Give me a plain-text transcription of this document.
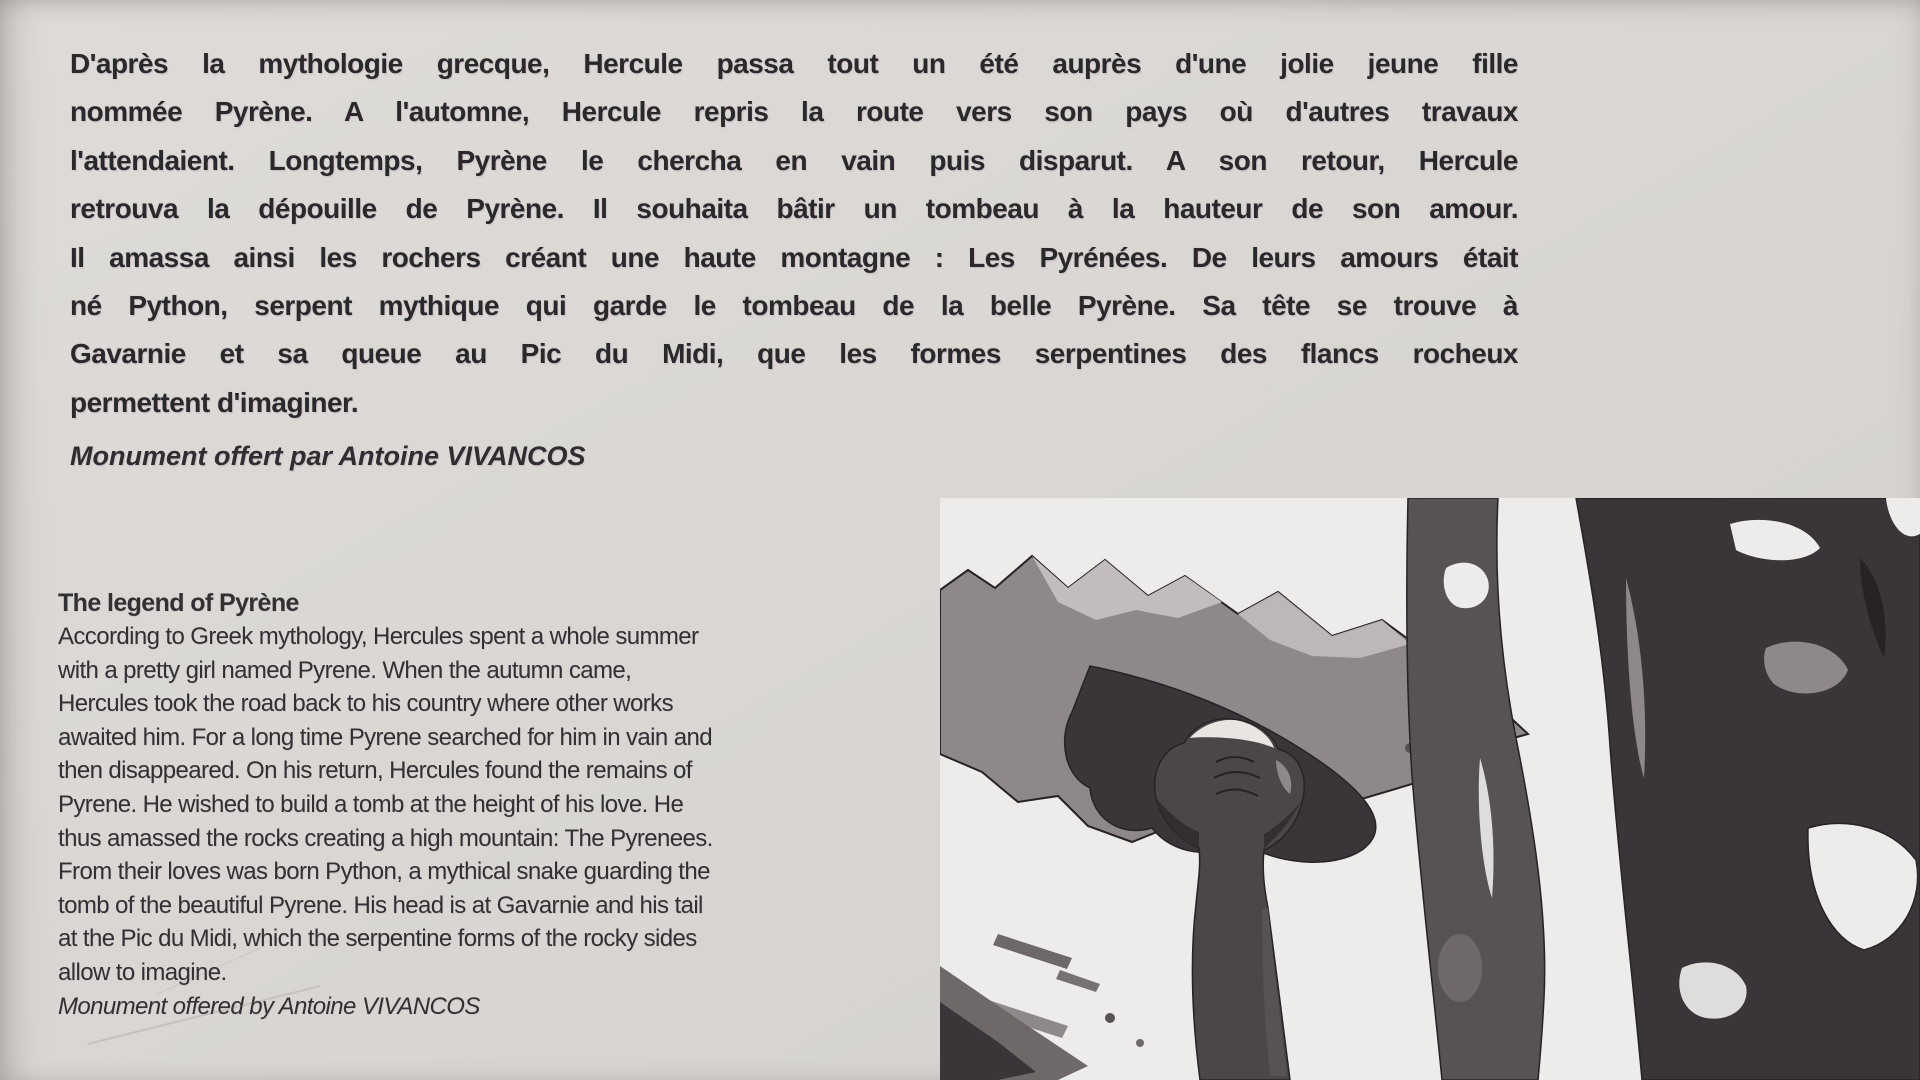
D'après la mythologie grecque, Hercule passa tout un été auprès d'une jolie jeune fille
nommée Pyrène. A l'automne, Hercule repris la route vers son pays où d'autres travaux
l'attendaient. Longtemps, Pyrène le chercha en vain puis disparut. A son retour, Hercule
retrouva la dépouille de Pyrène. Il souhaita bâtir un tombeau à la hauteur de son amour.
Il amassa ainsi les rochers créant une haute montagne : Les Pyrénées. De leurs amours était
né Python, serpent mythique qui garde le tombeau de la belle Pyrène. Sa tête se trouve à
Gavarnie et sa queue au Pic du Midi, que les formes serpentines des flancs rocheux
permettent d'imaginer.
Monument offert par Antoine VIVANCOS
The legend of Pyrène
According to Greek mythology, Hercules spent a whole summer
with a pretty girl named Pyrene. When the autumn came,
Hercules took the road back to his country where other works
awaited him. For a long time Pyrene searched for him in vain and
then disappeared. On his return, Hercules found the remains of
Pyrene. He wished to build a tomb at the height of his love. He
thus amassed the rocks creating a high mountain: The Pyrenees.
From their loves was born Python, a mythical snake guarding the
tomb of the beautiful Pyrene. His head is at Gavarnie and his tail
at the Pic du Midi, which the serpentine forms of the rocky sides
allow to imagine.
Monument offered by Antoine VIVANCOS
